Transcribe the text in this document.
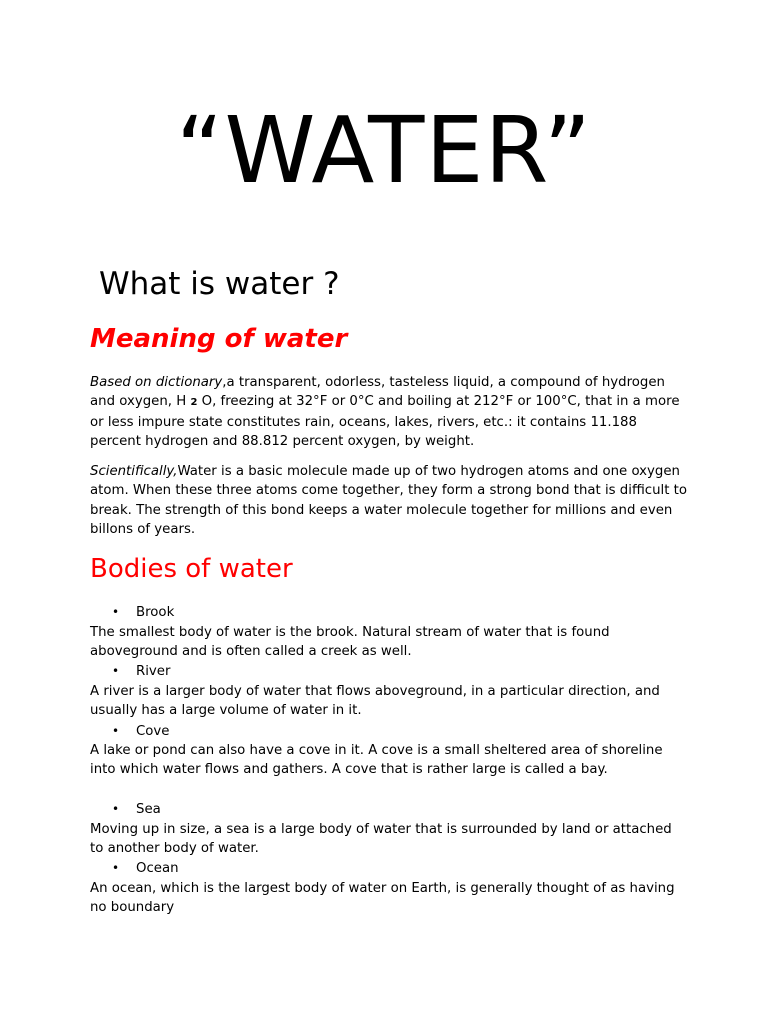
“WATER”
What is water ?
Meaning of water

Based on dictionary,a transparent, odorless, tasteless liquid, a compound of hydrogen and oxygen, H 2 O, freezing at 32°F or 0°C and boiling at 212°F or 100°C, that in a more or less impure state constitutes rain, oceans, lakes, rivers, etc.: it contains 11.188 percent hydrogen and 88.812 percent oxygen, by weight.

Scientifically,Water is a basic molecule made up of two hydrogen atoms and one oxygen atom. When these three atoms come together, they form a strong bond that is difficult to break. The strength of this bond keeps a water molecule together for millions and even billons of years.

Bodies of water

• Brook

The smallest body of water is the brook. Natural stream of water that is found aboveground and is often called a creek as well.

• River

A river is a larger body of water that flows aboveground, in a particular direction, and usually has a large volume of water in it.

• Cove

A lake or pond can also have a cove in it. A cove is a small sheltered area of shoreline into which water flows and gathers. A cove that is rather large is called a bay.

• Sea

Moving up in size, a sea is a large body of water that is surrounded by land or attached to another body of water.

• Ocean

An ocean, which is the largest body of water on Earth, is generally thought of as having no boundary
